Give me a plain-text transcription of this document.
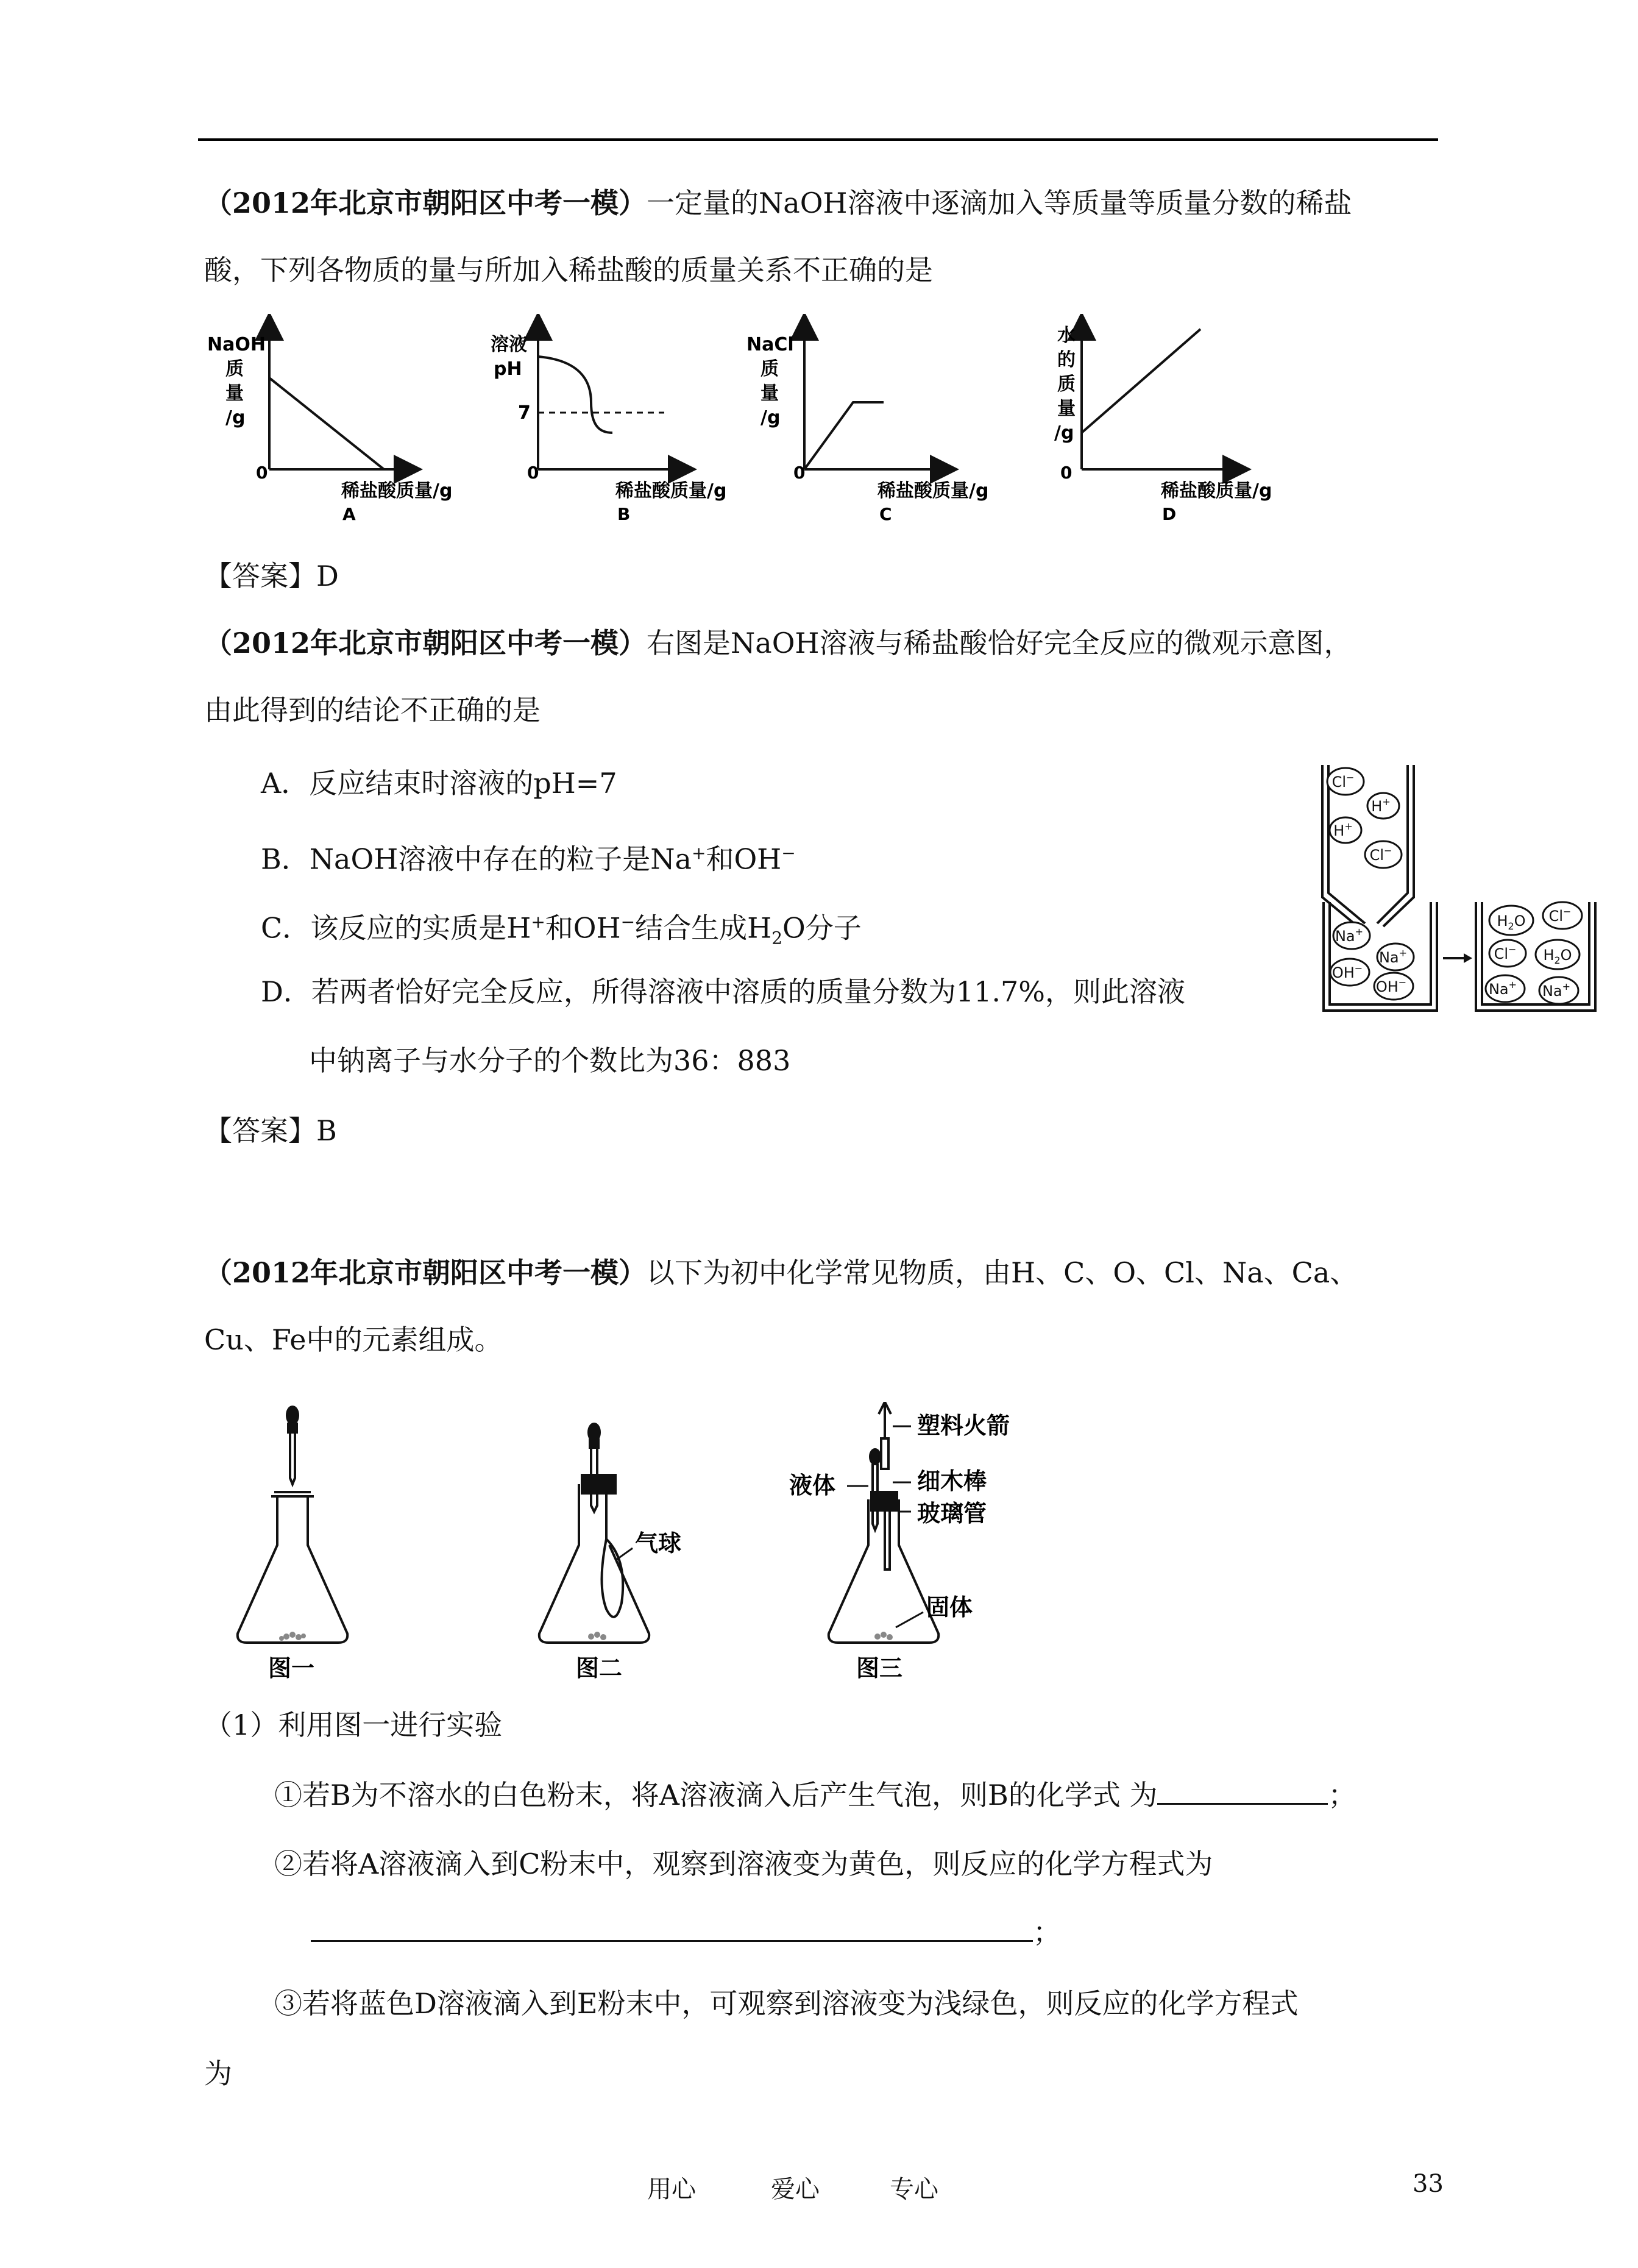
（2012年北京市朝阳区中考一模）一定量的NaOH溶液中逐滴加入等质量等质量分数的稀盐
酸，下列各物质的量与所加入稀盐酸的质量关系不正确的是
NaOH
质
量
/g
0
稀盐酸质量/g
A
溶液
pH
7
0
稀盐酸质量/g
B
NaCl
质
量
/g
0
稀盐酸质量/g
C
水
的
质
量
/g
0
稀盐酸质量/g
D
【答案】D
（2012年北京市朝阳区中考一模）右图是NaOH溶液与稀盐酸恰好完全反应的微观示意图，
由此得到的结论不正确的是
A．反应结束时溶液的pH=7
B．NaOH溶液中存在的粒子是Na+和OH−
C．该反应的实质是H+和OH−结合生成$H_2O$分子
D．若两者恰好完全反应，所得溶液中溶质的质量分数为11.7%，则此溶液
中钠离子与水分子的个数比为36：883
Cl−
H+
H+
Cl−
Na+
Na+
OH−
OH−
$H_2O$ Cl−
Cl− $H_2O$
Na+ Na+
【答案】B
（2012年北京市朝阳区中考一模）以下为初中化学常见物质，由H、C、O、Cl、Na、Ca、
Cu、Fe中的元素组成。
图一
气球
图二
塑料火箭
细木棒
玻璃管
液体
固体
图三
（1）利用图一进行实验
①若B为不溶水的白色粉末，将A溶液滴入后产生气泡，则B的化学式 为	；
②若将A溶液滴入到C粉末中，观察到溶液变为黄色，则反应的化学方程式为
；
③若将蓝色D溶液滴入到E粉末中，可观察到溶液变为浅绿色，则反应的化学方程式
为
用心	爱心	专心	33
